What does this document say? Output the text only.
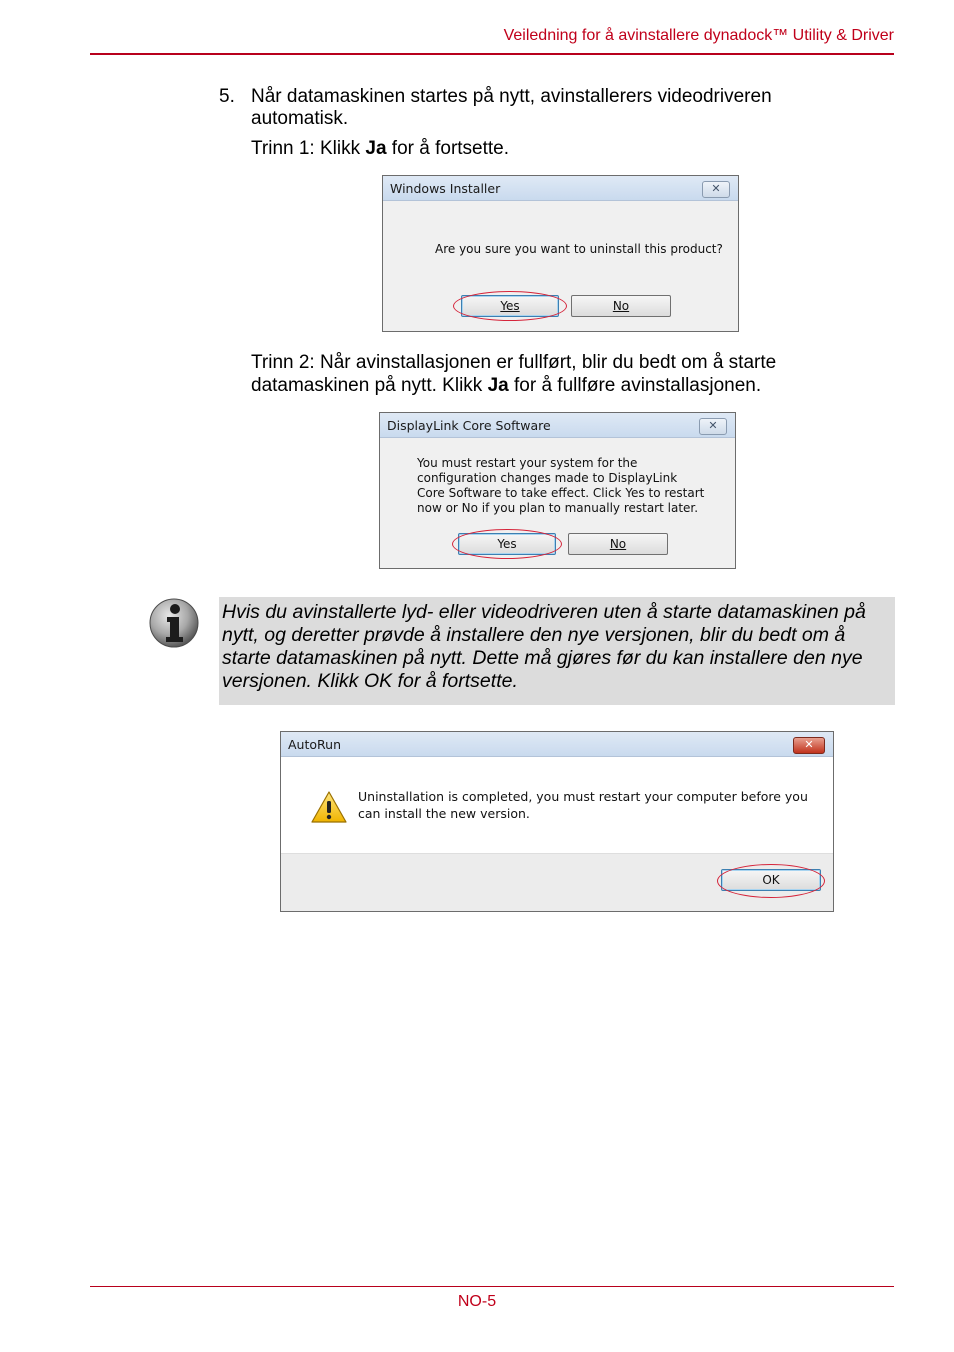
Veiledning for å avinstallere dynadock™ Utility & Driver
5. Når datamaskinen startes på nytt, avinstallerers videodriveren automatisk.
Trinn 1: Klikk Ja for å fortsette.
Windows Installer	✕
Are you sure you want to uninstall this product?
Yes	No
Trinn 2: Når avinstallasjonen er fullført, blir du bedt om å starte datamaskinen på nytt. Klikk Ja for å fullføre avinstallasjonen.
DisplayLink Core Software	✕
You must restart your system for the configuration changes made to DisplayLink Core Software to take effect. Click Yes to restart now or No if you plan to manually restart later.
Yes	No
Hvis du avinstallerte lyd- eller videodriveren uten å starte datamaskinen på nytt, og deretter prøvde å installere den nye versjonen, blir du bedt om å starte datamaskinen på nytt. Dette må gjøres før du kan installere den nye versjonen. Klikk OK for å fortsette.
AutoRun	✕
Uninstallation is completed, you must restart your computer before you can install the new version.
OK
NO-5
